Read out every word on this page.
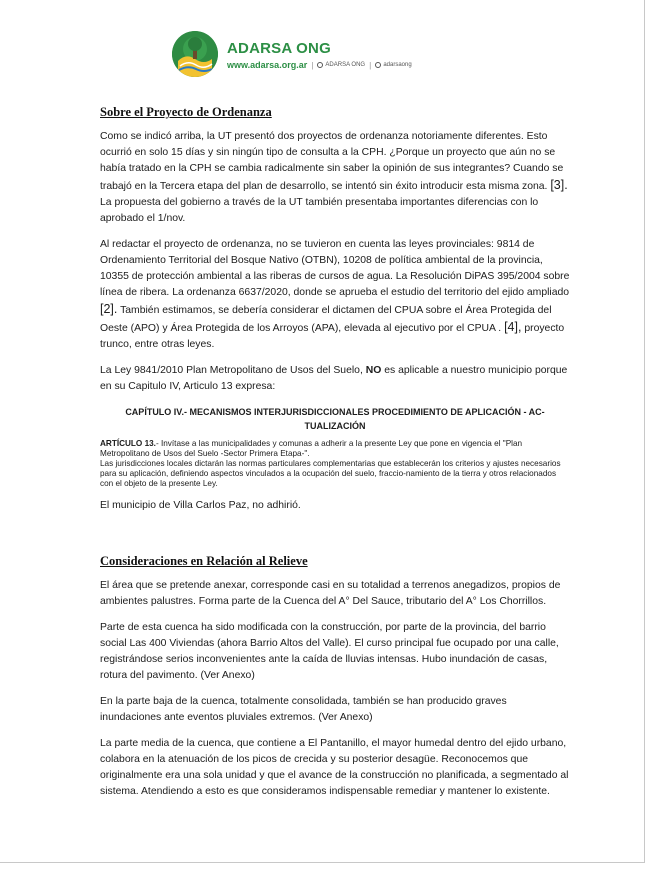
ADARSA ONG
www.adarsa.org.ar | ADARSA ONG | adarsaong
Sobre el Proyecto de Ordenanza

Como se indicó arriba, la UT presentó dos proyectos de ordenanza notoriamente diferentes. Esto ocurrió en solo 15 días y sin ningún tipo de consulta a la CPH. ¿Porque un proyecto que aún no se había tratado en la CPH se cambia radicalmente sin saber la opinión de sus integrantes? Cuando se trabajó en la Tercera etapa del plan de desarrollo, se intentó sin éxito introducir esta misma zona. [3]. La propuesta del gobierno a través de la UT también presentaba importantes diferencias con lo aprobado el 1/nov.

Al redactar el proyecto de ordenanza, no se tuvieron en cuenta las leyes provinciales: 9814 de Ordenamiento Territorial del Bosque Nativo (OTBN), 10208 de política ambiental de la provincia, 10355 de protección ambiental a las riberas de cursos de agua. La Resolución DiPAS 395/2004 sobre línea de ribera. La ordenanza 6637/2020, donde se aprueba el estudio del territorio del ejido ampliado [2]. También estimamos, se debería considerar el dictamen del CPUA sobre el Área Protegida del Oeste (APO) y Área Protegida de los Arroyos (APA), elevada al ejecutivo por el CPUA . [4], proyecto trunco, entre otras leyes.

La Ley 9841/2010 Plan Metropolitano de Usos del Suelo, NO es aplicable a nuestro municipio porque en su Capitulo IV, Articulo 13 expresa:

CAPÍTULO IV.- MECANISMOS INTERJURISDICCIONALES PROCEDIMIENTO DE APLICACIÓN - AC-TUALIZACIÓN
ARTÍCULO 13.- Invítase a las municipalidades y comunas a adherir a la presente Ley que pone en vigencia el "Plan Metropolitano de Usos del Suelo -Sector Primera Etapa-".
Las jurisdicciones locales dictarán las normas particulares complementarias que establecerán los criterios y ajustes necesarios para su aplicación, definiendo aspectos vinculados a la ocupación del suelo, fraccio-namiento de la tierra y otros relacionados con el objeto de la presente Ley.

El municipio de Villa Carlos Paz, no adhirió.

Consideraciones en Relación al Relieve

El área que se pretende anexar, corresponde casi en su totalidad a terrenos anegadizos, propios de ambientes palustres. Forma parte de la Cuenca del A° Del Sauce, tributario del A° Los Chorrillos.

Parte de esta cuenca ha sido modificada con la construcción, por parte de la provincia, del barrio social Las 400 Viviendas (ahora Barrio Altos del Valle). El curso principal fue ocupado por una calle, registrándose serios inconvenientes ante la caída de lluvias intensas. Hubo inundación de casas, rotura del pavimento. (Ver Anexo)

En la parte baja de la cuenca, totalmente consolidada, también se han producido graves inundaciones ante eventos pluviales extremos. (Ver Anexo)

La parte media de la cuenca, que contiene a El Pantanillo, el mayor humedal dentro del ejido urbano, colabora en la atenuación de los picos de crecida y su posterior desagüe. Reconocemos que originalmente era una sola unidad y que el avance de la construcción no planificada, a segmentado al sistema. Atendiendo a esto es que consideramos indispensable remediar y mantener lo existente.
